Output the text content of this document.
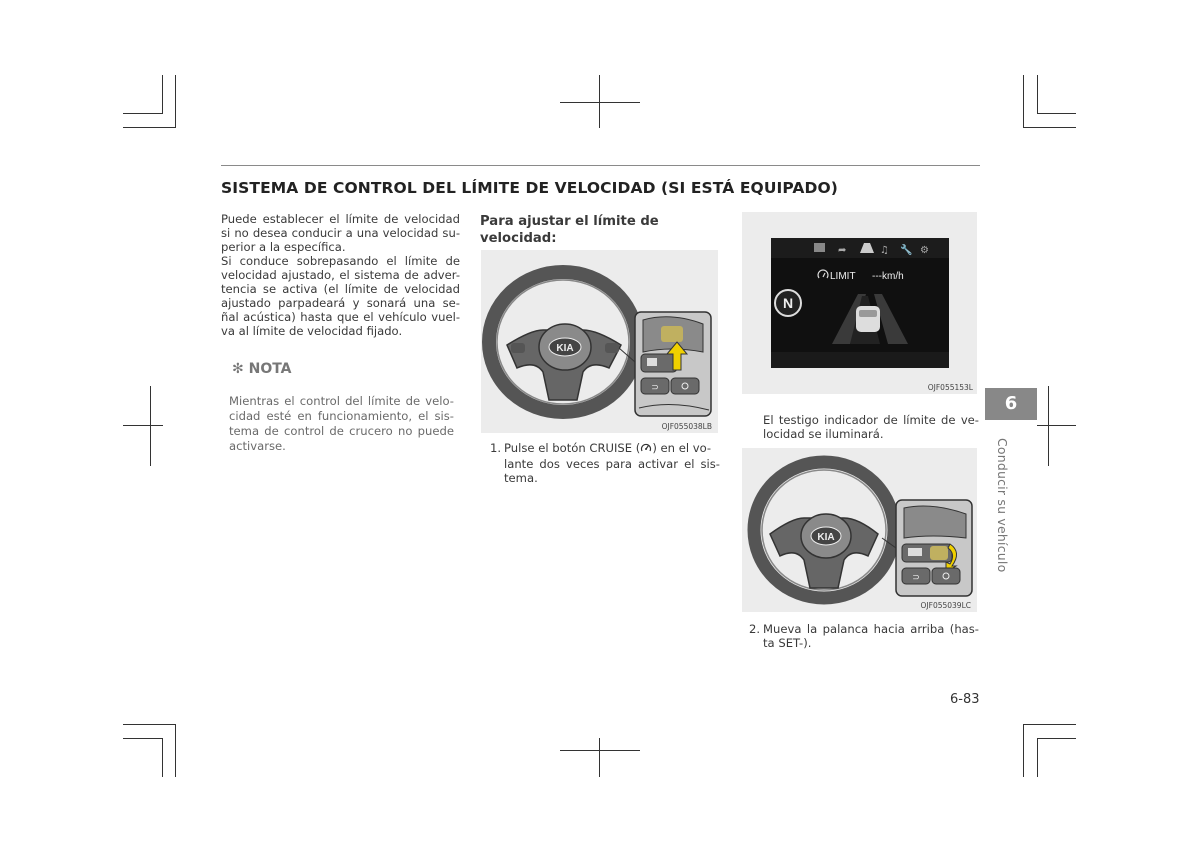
SISTEMA DE CONTROL DEL LÍMITE DE VELOCIDAD (SI ESTÁ EQUIPADO)
Puede establecer el límite de velocidad
si no desea conducir a una velocidad su-
perior a la específica.
Si conduce sobrepasando el límite de
velocidad ajustado, el sistema de adver-
tencia se activa (el límite de velocidad
ajustado parpadeará y sonará una se-
ñal acústica) hasta que el vehículo vuel-
va al límite de velocidad fijado.
✻ NOTA
Mientras el control del límite de velo-
cidad esté en funcionamiento, el sis-
tema de control de crucero no puede
activarse.
Para ajustar el límite de velocidad:
KIA
⊃
OJF055038LB
1. Pulse el botón CRUISE ( ) en el vo-
lante dos veces para activar el sis-
tema.
➦	♫ 🔧 ⚙
N
LIMIT ---km/h
OJF055153L
El testigo indicador de límite de ve-
locidad se iluminará.
KIA
⊃
OJF055039LC
2. Mueva la palanca hacia arriba (has-
ta SET-).
6
Conducir su vehículo
6-83
